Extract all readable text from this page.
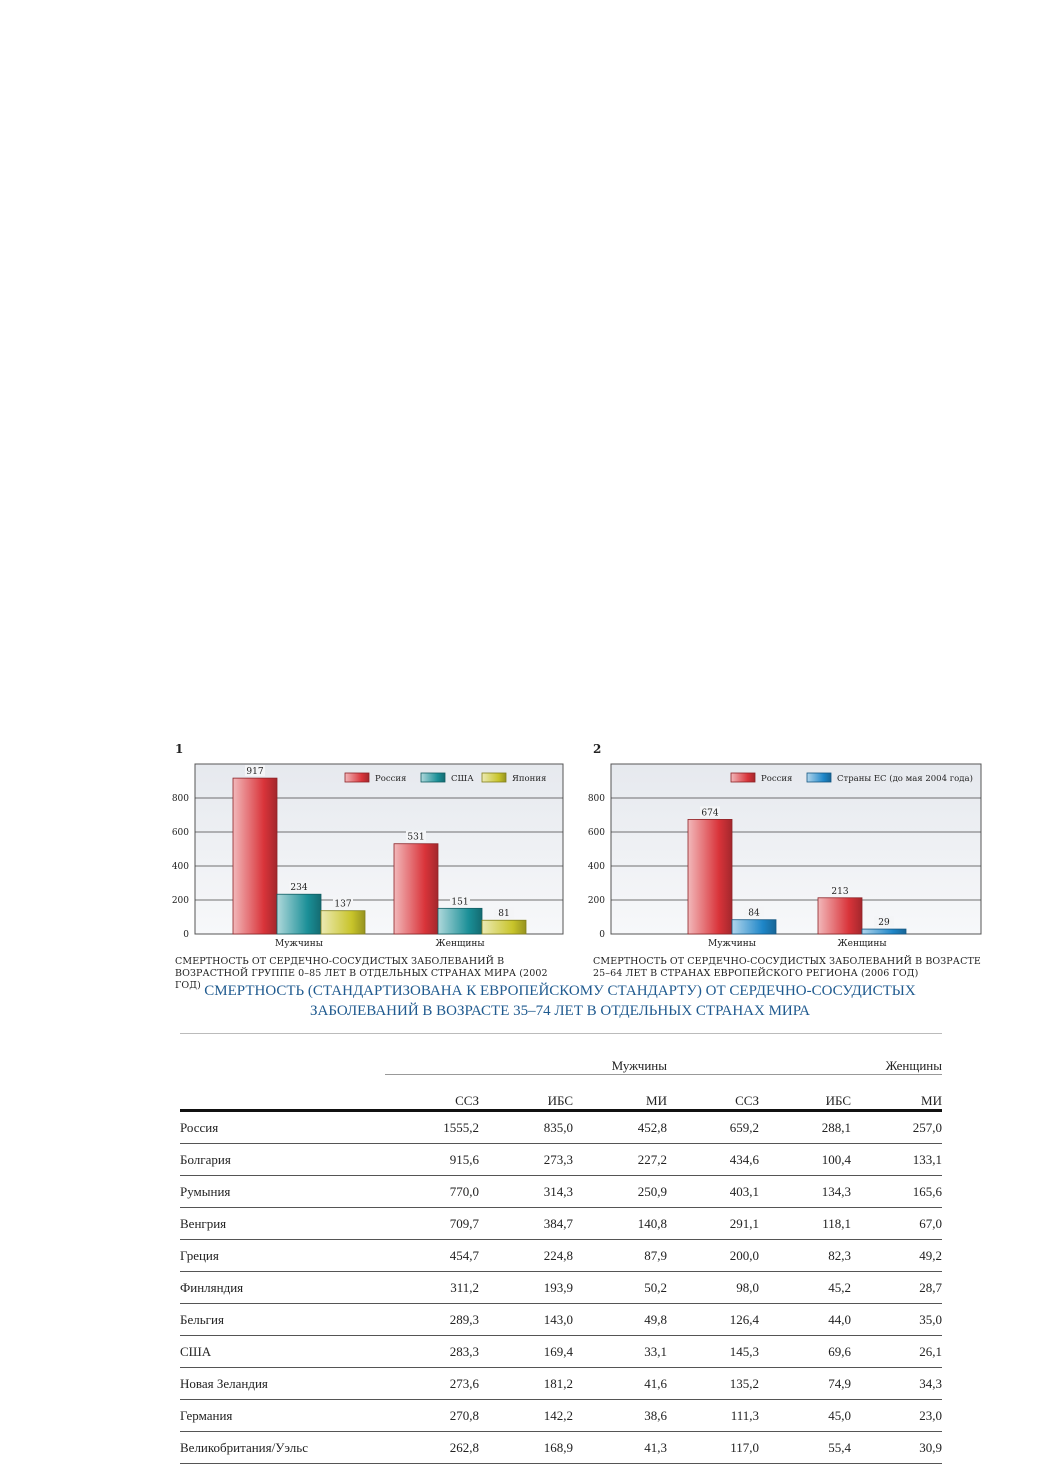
1
0
200
400
600
800
917
234
137
Мужчины
531
151
81
Женщины
Россия	США	Япония
СМЕРТНОСТЬ ОТ СЕРДЕЧНО-СОСУДИСТЫХ ЗАБОЛЕВАНИЙ В ВОЗРАСТНОЙ ГРУППЕ 0–85 ЛЕТ В ОТДЕЛЬНЫХ СТРАНАХ МИРА (2002 ГОД)
2
0
200
400
600
800
674
84
Мужчины
213
29
Женщины
Россия	Страны ЕС (до мая 2004 года)
СМЕРТНОСТЬ ОТ СЕРДЕЧНО-СОСУДИСТЫХ ЗАБОЛЕВАНИЙ В ВОЗРАСТЕ 25–64 ЛЕТ В СТРАНАХ ЕВРОПЕЙСКОГО РЕГИОНА (2006 ГОД)
СМЕРТНОСТЬ (СТАНДАРТИЗОВАНА К ЕВРОПЕЙСКОМУ СТАНДАРТУ) ОТ СЕРДЕЧНО-СОСУДИСТЫХ
ЗАБОЛЕВАНИЙ В ВОЗРАСТЕ 35–74 ЛЕТ В ОТДЕЛЬНЫХ СТРАНАХ МИРА
	Мужчины			Женщины		
	ССЗ	ИБС	МИ	ССЗ	ИБС	МИ
Россия	1555,2	835,0	452,8	659,2	288,1	257,0
Болгария	915,6	273,3	227,2	434,6	100,4	133,1
Румыния	770,0	314,3	250,9	403,1	134,3	165,6
Венгрия	709,7	384,7	140,8	291,1	118,1	67,0
Греция	454,7	224,8	87,9	200,0	82,3	49,2
Финляндия	311,2	193,9	50,2	98,0	45,2	28,7
Бельгия	289,3	143,0	49,8	126,4	44,0	35,0
США	283,3	169,4	33,1	145,3	69,6	26,1
Новая Зеландия	273,6	181,2	41,6	135,2	74,9	34,3
Германия	270,8	142,2	38,6	111,3	45,0	23,0
Великобритания/Уэльс	262,8	168,9	41,3	117,0	55,4	30,9
